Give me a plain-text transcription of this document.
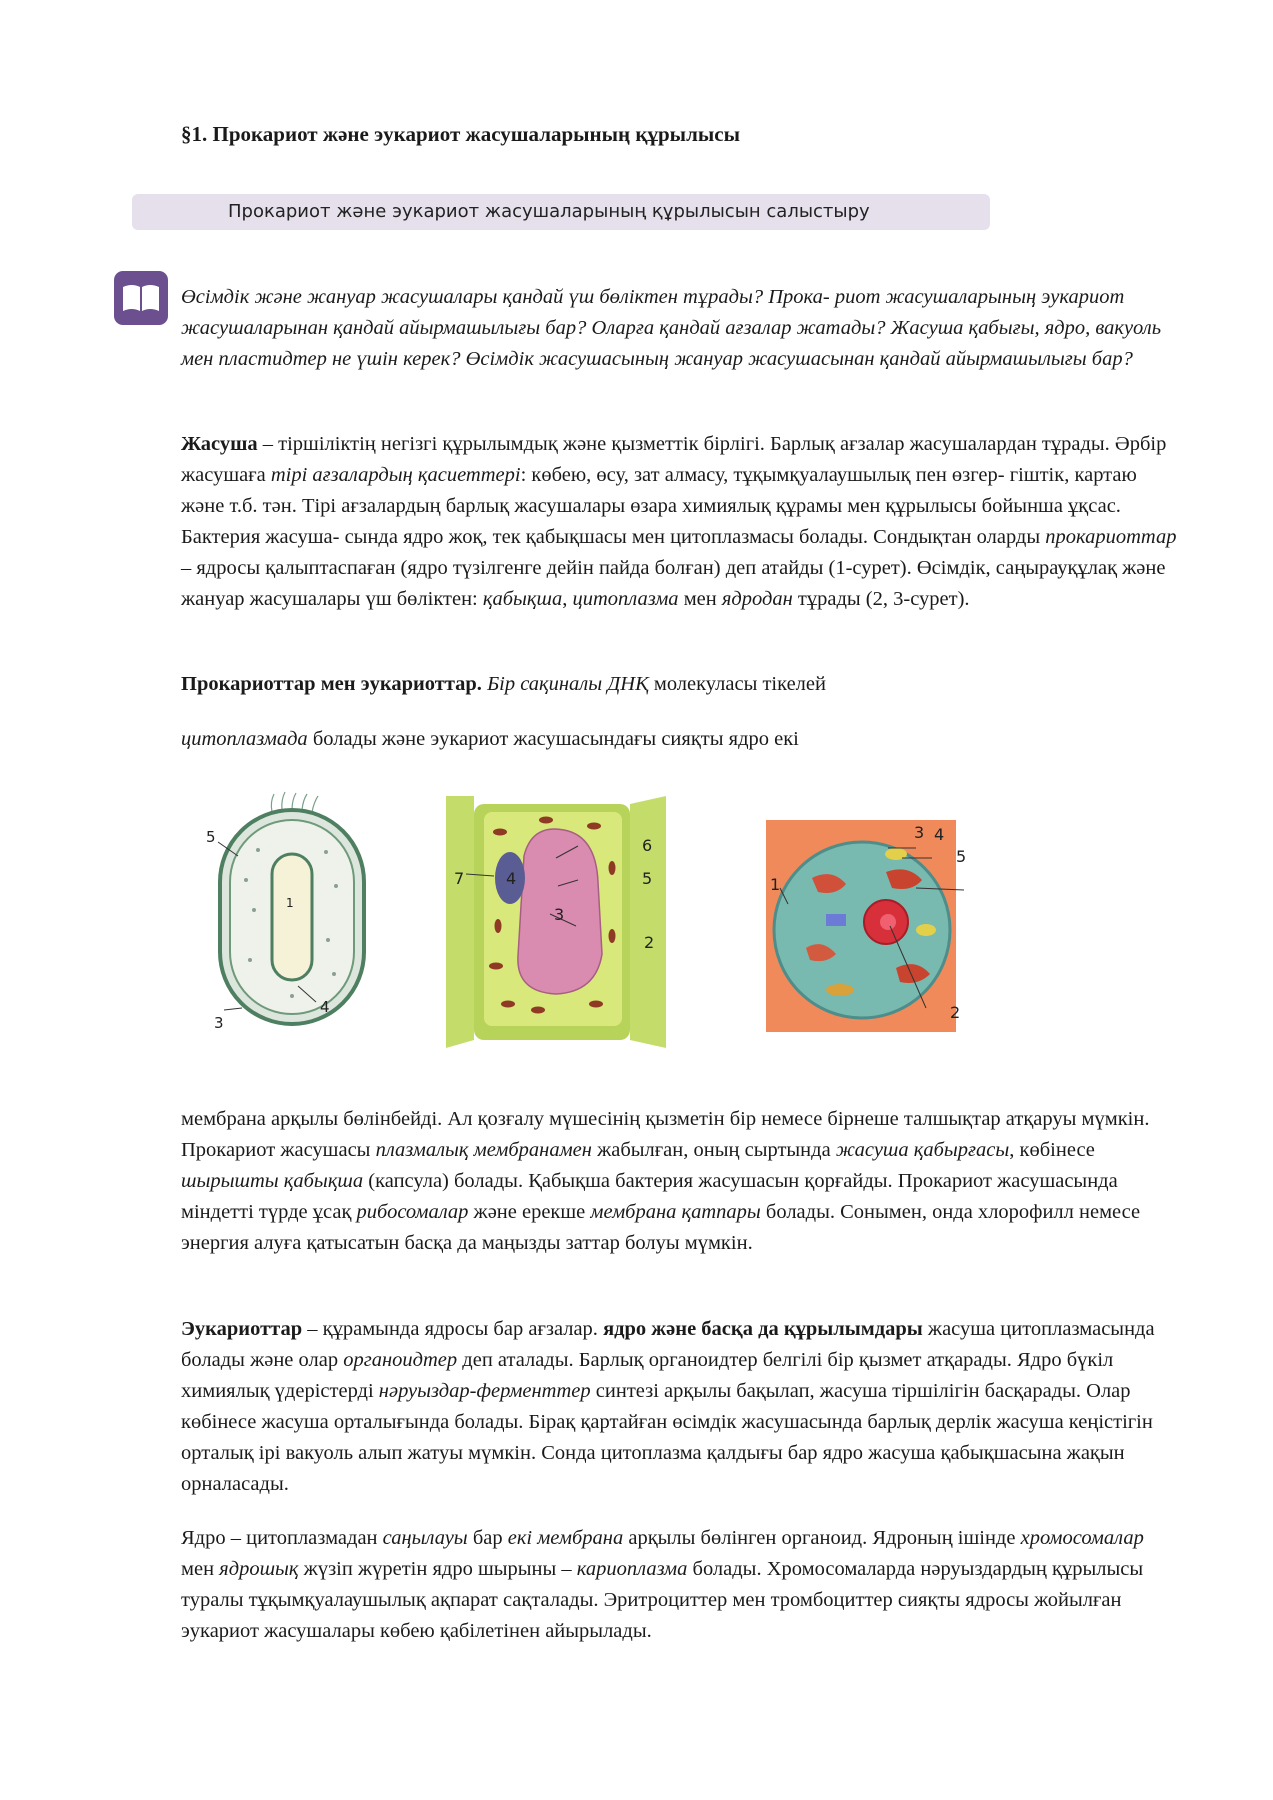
§1. Прокариот және эукариот жасушаларының құрылысы
Прокариот және эукариот жасушаларының құрылысын салыстыру

Өсімдік және жануар жасушалары қандай үш бөліктен тұрады? Прока- риот жасушаларының эукариот жасушаларынан қандай айырмашылығы бар? Оларға қандай ағзалар жатады? Жасуша қабығы, ядро, вакуоль мен пластидтер не үшін керек? Өсімдік жасушасының жануар жасушасынан қандай айырмашылығы бар?

Жасуша – тіршіліктің негізгі құрылымдық және қызметтік бірлігі. Барлық ағзалар жасушалардан тұрады. Әрбір жасушаға тірі ағзалардың қасиеттері: көбею, өсу, зат алмасу, тұқымқуалаушылық пен өзгер- гіштік, картаю және т.б. тән. Тірі ағзалардың барлық жасушалары өзара химиялық құрамы мен құрылысы бойынша ұқсас. Бактерия жасуша- сында ядро жоқ, тек қабықшасы мен цитоплазмасы болады. Сондықтан оларды прокариоттар – ядросы қалыптаспаған (ядро түзілгенге дейін пайда болған) деп атайды (1-сурет). Өсімдік, саңырауқұлақ және жануар жасушалары үш бөліктен: қабықша, цитоплазма мен ядродан тұрады (2, 3-сурет).

Прокариоттар мен эукариоттар. Бір сақиналы ДНҚ молекуласы тікелей

цитоплазмада болады және эукариот жасушасындағы сияқты ядро екі

5
1
3
4
6
7	4	5
3
2
3 4
5
1
2

мембрана арқылы бөлінбейді. Ал қозғалу мүшесінің қызметін бір немесе бірнеше талшықтар атқаруы мүмкін. Прокариот жасушасы плазмалық мембранамен жабылған, оның сыртында жасуша қабырғасы, көбінесе шырышты қабықша (капсула) болады. Қабықша бактерия жасушасын қорғайды. Прокариот жасушасында міндетті түрде ұсақ рибосомалар және ерекше мембрана қатпары болады. Сонымен, онда хлорофилл немесе энергия алуға қатысатын басқа да маңызды заттар болуы мүмкін.

Эукариоттар – құрамында ядросы бар ағзалар. ядро және басқа да құрылымдары жасуша цитоплазмасында болады және олар органоидтер деп аталады. Барлық органоидтер белгілі бір қызмет атқарады. Ядро бүкіл химиялық үдерістерді нәруыздар-ферменттер синтезі арқылы бақылап, жасуша тіршілігін басқарады. Олар көбінесе жасуша орталығында болады. Бірақ қартайған өсімдік жасушасында барлық дерлік жасуша кеңістігін орталық ірі вакуоль алып жатуы мүмкін. Сонда цитоплазма қалдығы бар ядро жасуша қабықшасына жақын орналасады.

Ядро – цитоплазмадан саңылауы бар екі мембрана арқылы бөлінген органоид. Ядроның ішінде хромосомалар мен ядрошық жүзіп жүретін ядро шырыны – кариоплазма болады. Хромосомаларда нәруыздардың құрылысы туралы тұқымқуалаушылық ақпарат сақталады. Эритроциттер мен тромбоциттер сияқты ядросы жойылған эукариот жасушалары көбею қабілетінен айырылады.
